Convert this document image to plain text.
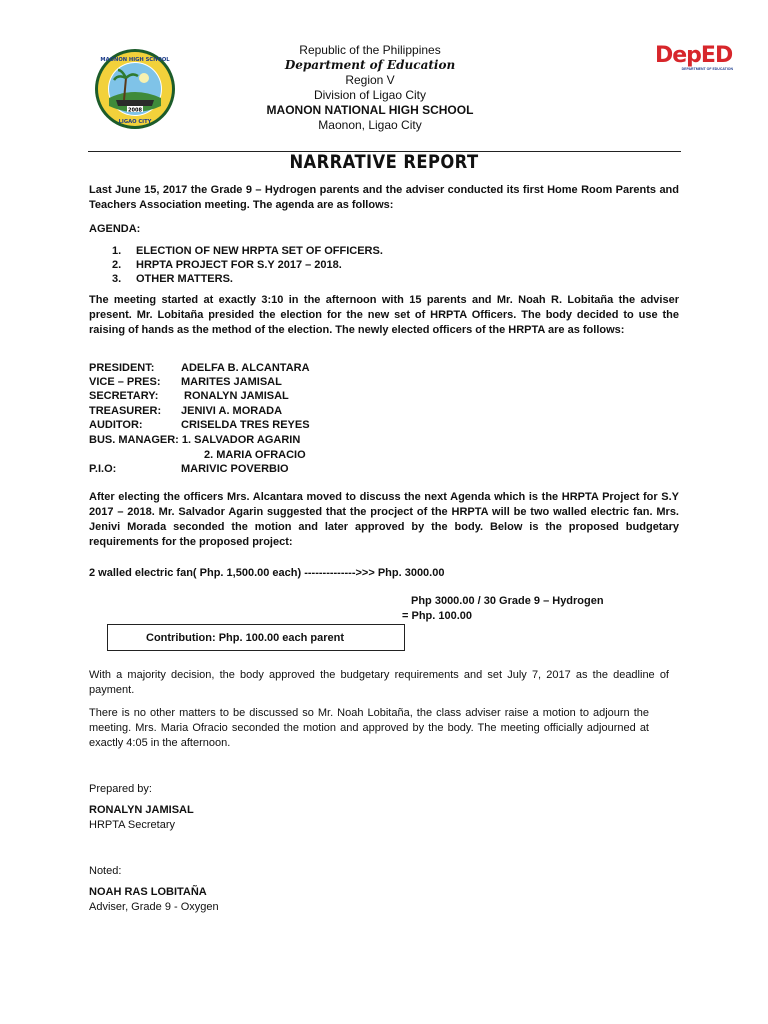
2008
MAONON HIGH SCHOOL
LIGAO CITY
DepED
DEPARTMENT OF EDUCATION
Republic of the Philippines
Department of Education
Region V
Division of Ligao City
MAONON NATIONAL HIGH SCHOOL
Maonon, Ligao City
NARRATIVE REPORT
Last June 15, 2017 the Grade 9 – Hydrogen parents and the adviser conducted its first Home Room Parents and Teachers Association meeting. The agenda are as follows:
AGENDA:
1. ELECTION OF NEW HRPTA SET OF OFFICERS.
2. HRPTA PROJECT FOR S.Y 2017 – 2018.
3. OTHER MATTERS.
The meeting started at exactly 3:10 in the afternoon with 15 parents and Mr. Noah R. Lobitaña the adviser present. Mr. Lobitaña presided the election for the new set of HRPTA Officers. The body decided to use the raising of hands as the method of the election. The newly elected officers of the HRPTA are as follows:
PRESIDENT: ADELFA B. ALCANTARA
VICE – PRES: MARITES JAMISAL
SECRETARY: RONALYN JAMISAL
TREASURER: JENIVI A. MORADA
AUDITOR:	CRISELDA TRES REYES
BUS. MANAGER: 1. SALVADOR AGARIN
2. MARIA OFRACIO
P.I.O:	MARIVIC POVERBIO
After electing the officers Mrs. Alcantara moved to discuss the next Agenda which is the HRPTA Project for S.Y 2017 – 2018. Mr. Salvador Agarin suggested that the procject of the HRPTA will be two walled electric fan. Mrs. Jenivi Morada seconded the motion and later approved by the body. Below is the proposed budgetary requirements for the proposed project:
2 walled electric fan( Php. 1,500.00 each) -------------->>> Php. 3000.00
Php 3000.00 / 30 Grade 9 – Hydrogen
= Php. 100.00
Contribution: Php. 100.00 each parent
With a majority decision, the body approved the budgetary requirements and set July 7, 2017 as the deadline of payment.
There is no other matters to be discussed so Mr. Noah Lobitaña, the class adviser raise a motion to adjourn the meeting. Mrs. Maria Ofracio seconded the motion and approved by the body. The meeting officially adjourned at exactly 4:05 in the afternoon.
Prepared by:
RONALYN JAMISAL
HRPTA Secretary
Noted:
NOAH RAS LOBITAÑA
Adviser, Grade 9 - Oxygen
